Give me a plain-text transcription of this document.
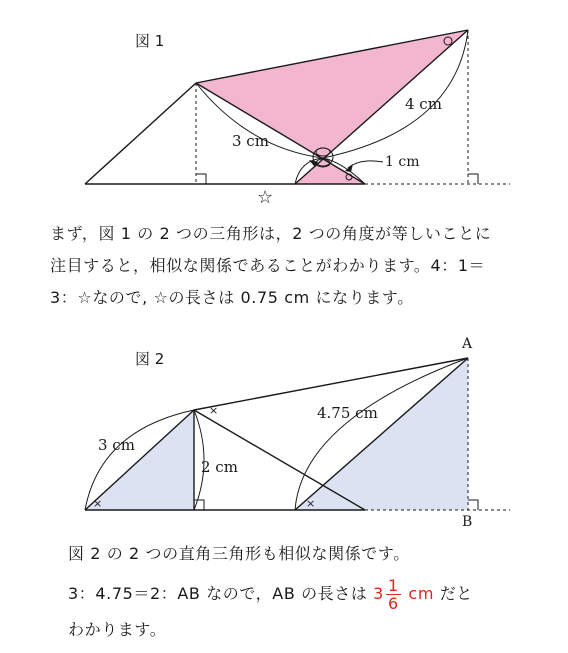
図 1
3 cm
4 cm
1 cm
☆
まず，図 1 の 2 つの三角形は，2 つの角度が等しいことに
注目すると，相似な関係であることがわかります。4：1＝
3：☆なので, ☆の長さは 0.75 cm になります。
図 2
A
B
3 cm
2 cm
4.75 cm
×
×
×
図 2 の 2 つの直角三角形も相似な関係です。
3：4.75＝2：AB なので，AB の長さは $3 \frac{1}{6}$ cm だと
わかります。
